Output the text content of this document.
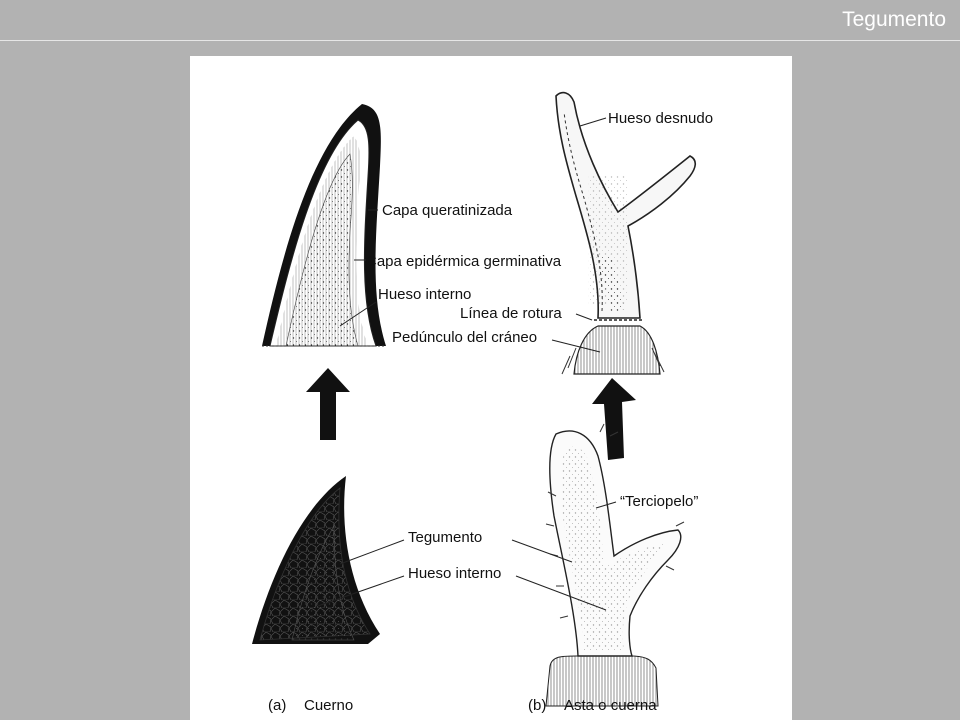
Tegumento
Capa queratinizada
Capa epidérmica germinativa
Hueso interno
Tegumento
Hueso interno
Hueso desnudo
Línea de rotura
Pedúnculo del cráneo
“Terciopelo”
(a) Cuerno	(b) Asta o cuerna
